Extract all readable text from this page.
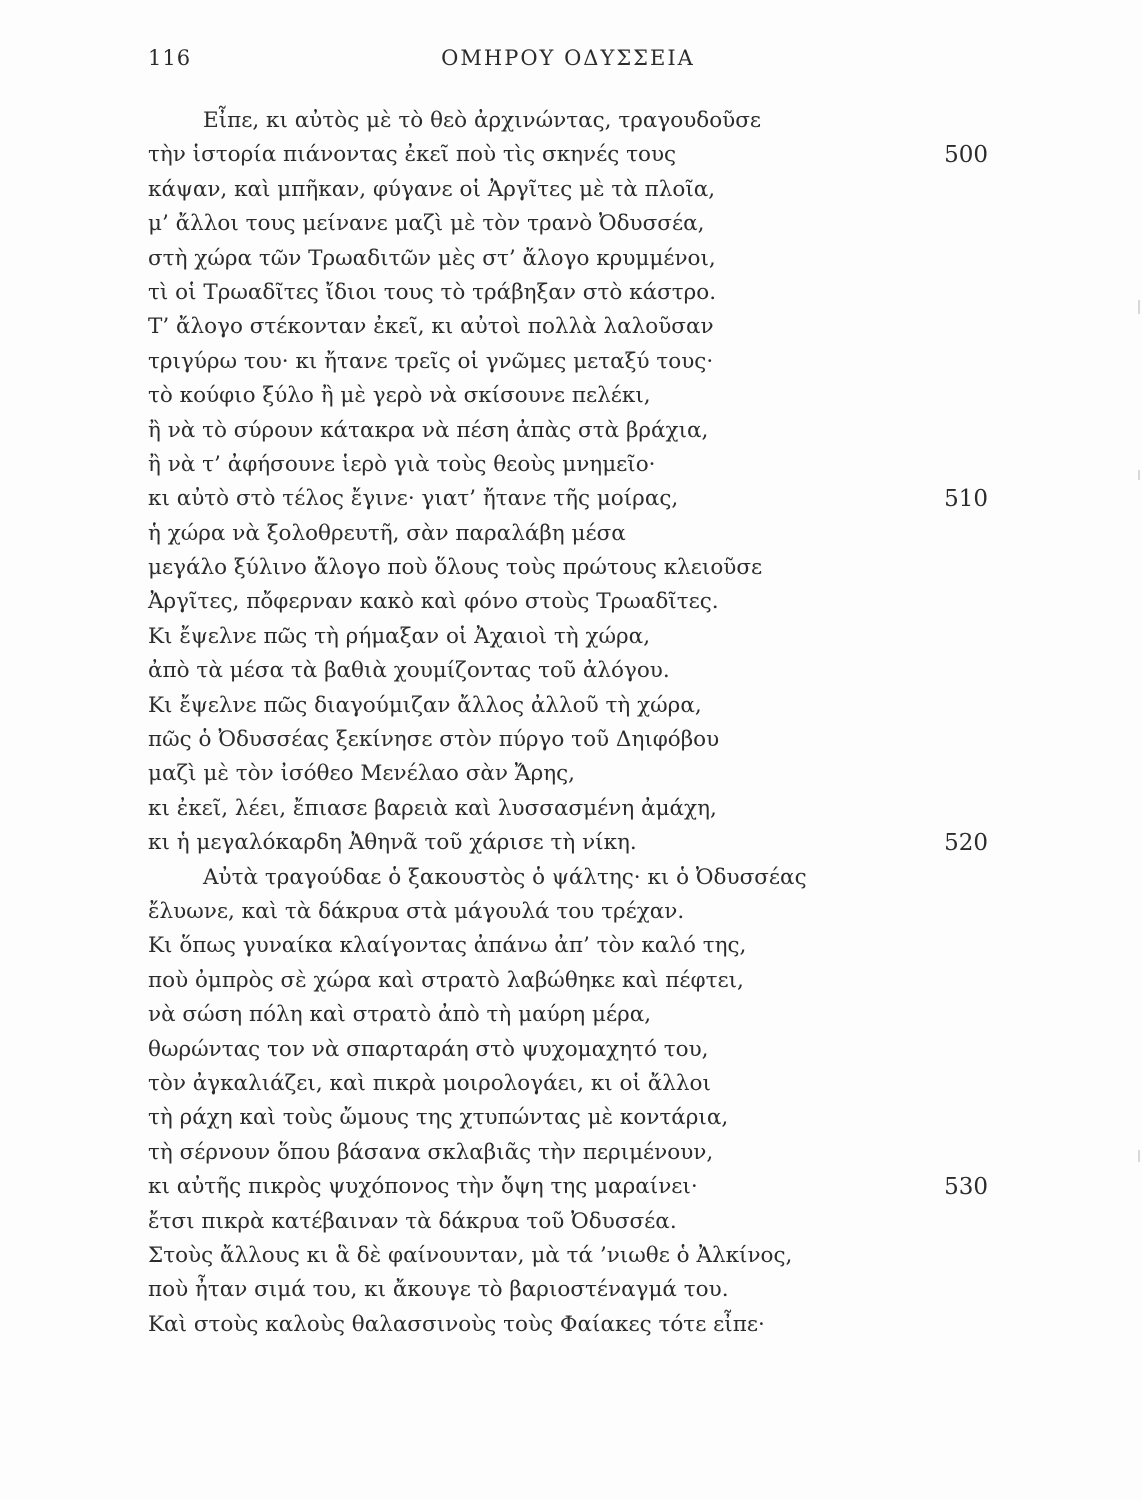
116	ΟΜΗΡΟΥ ΟΔΥΣΣΕΙΑ
Εἶπε, κι αὐτὸς μὲ τὸ θεὸ ἀρχινώντας, τραγουδοῦσε
τὴν ἱστορία πιάνοντας ἐκεῖ ποὺ τὶς σκηνές τους	500
κάψαν, καὶ μπῆκαν, φύγανε οἱ Ἀργῖτες μὲ τὰ πλοῖα,
μ’ ἄλλοι τους μείνανε μαζὶ μὲ τὸν τρανὸ Ὀδυσσέα,
στὴ χώρα τῶν Τρωαδιτῶν μὲς στ’ ἄλογο κρυμμένοι,
τὶ οἱ Τρωαδῖτες ἴδιοι τους τὸ τράβηξαν στὸ κάστρο.
Τ’ ἄλογο στέκονταν ἐκεῖ, κι αὐτοὶ πολλὰ λαλοῦσαν
τριγύρω του· κι ἤτανε τρεῖς οἱ γνῶμες μεταξύ τους·
τὸ κούφιο ξύλο ἢ μὲ γερὸ νὰ σκίσουνε πελέκι,
ἢ νὰ τὸ σύρουν κάτακρα νὰ πέση ἀπὰς στὰ βράχια,
ἢ νὰ τ’ ἀφήσουνε ἱερὸ γιὰ τοὺς θεοὺς μνημεῖο·
κι αὐτὸ στὸ τέλος ἔγινε· γιατ’ ἤτανε τῆς μοίρας,	510
ἡ χώρα νὰ ξολοθρευτῆ, σὰν παραλάβη μέσα
μεγάλο ξύλινο ἄλογο ποὺ ὅλους τοὺς πρώτους κλειοῦσε
Ἀργῖτες, πὄφερναν κακὸ καὶ φόνο στοὺς Τρωαδῖτες.
Κι ἔψελνε πῶς τὴ ρήμαξαν οἱ Ἀχαιοὶ τὴ χώρα,
ἀπὸ τὰ μέσα τὰ βαθιὰ χουμίζοντας τοῦ ἀλόγου.
Κι ἔψελνε πῶς διαγούμιζαν ἄλλος ἀλλοῦ τὴ χώρα,
πῶς ὁ Ὀδυσσέας ξεκίνησε στὸν πύργο τοῦ Δηιφόβου
μαζὶ μὲ τὸν ἰσόθεο Μενέλαο σὰν Ἄρης,
κι ἐκεῖ, λέει, ἔπιασε βαρειὰ καὶ λυσσασμένη ἀμάχη,
κι ἡ μεγαλόκαρδη Ἀθηνᾶ τοῦ χάρισε τὴ νίκη.	520
Αὐτὰ τραγούδαε ὁ ξακουστὸς ὁ ψάλτης· κι ὁ Ὀδυσσέας
ἔλυωνε, καὶ τὰ δάκρυα στὰ μάγουλά του τρέχαν.
Κι ὅπως γυναίκα κλαίγοντας ἀπάνω ἀπ’ τὸν καλό της,
ποὺ ὀμπρὸς σὲ χώρα καὶ στρατὸ λαβώθηκε καὶ πέφτει,
νὰ σώση πόλη καὶ στρατὸ ἀπὸ τὴ μαύρη μέρα,
θωρώντας τον νὰ σπαρταράη στὸ ψυχομαχητό του,
τὸν ἀγκαλιάζει, καὶ πικρὰ μοιρολογάει, κι οἱ ἄλλοι
τὴ ράχη καὶ τοὺς ὤμους της χτυπώντας μὲ κοντάρια,
τὴ σέρνουν ὅπου βάσανα σκλαβιᾶς τὴν περιμένουν,
κι αὐτῆς πικρὸς ψυχόπονος τὴν ὄψη της μαραίνει·	530
ἔτσι πικρὰ κατέβαιναν τὰ δάκρυα τοῦ Ὀδυσσέα.
Στοὺς ἄλλους κι ἃ δὲ φαίνουνταν, μὰ τά ’νιωθε ὁ Ἀλκίνος,
ποὺ ἦταν σιμά του, κι ἄκουγε τὸ βαριοστέναγμά του.
Καὶ στοὺς καλοὺς θαλασσινοὺς τοὺς Φαίακες τότε εἶπε·
